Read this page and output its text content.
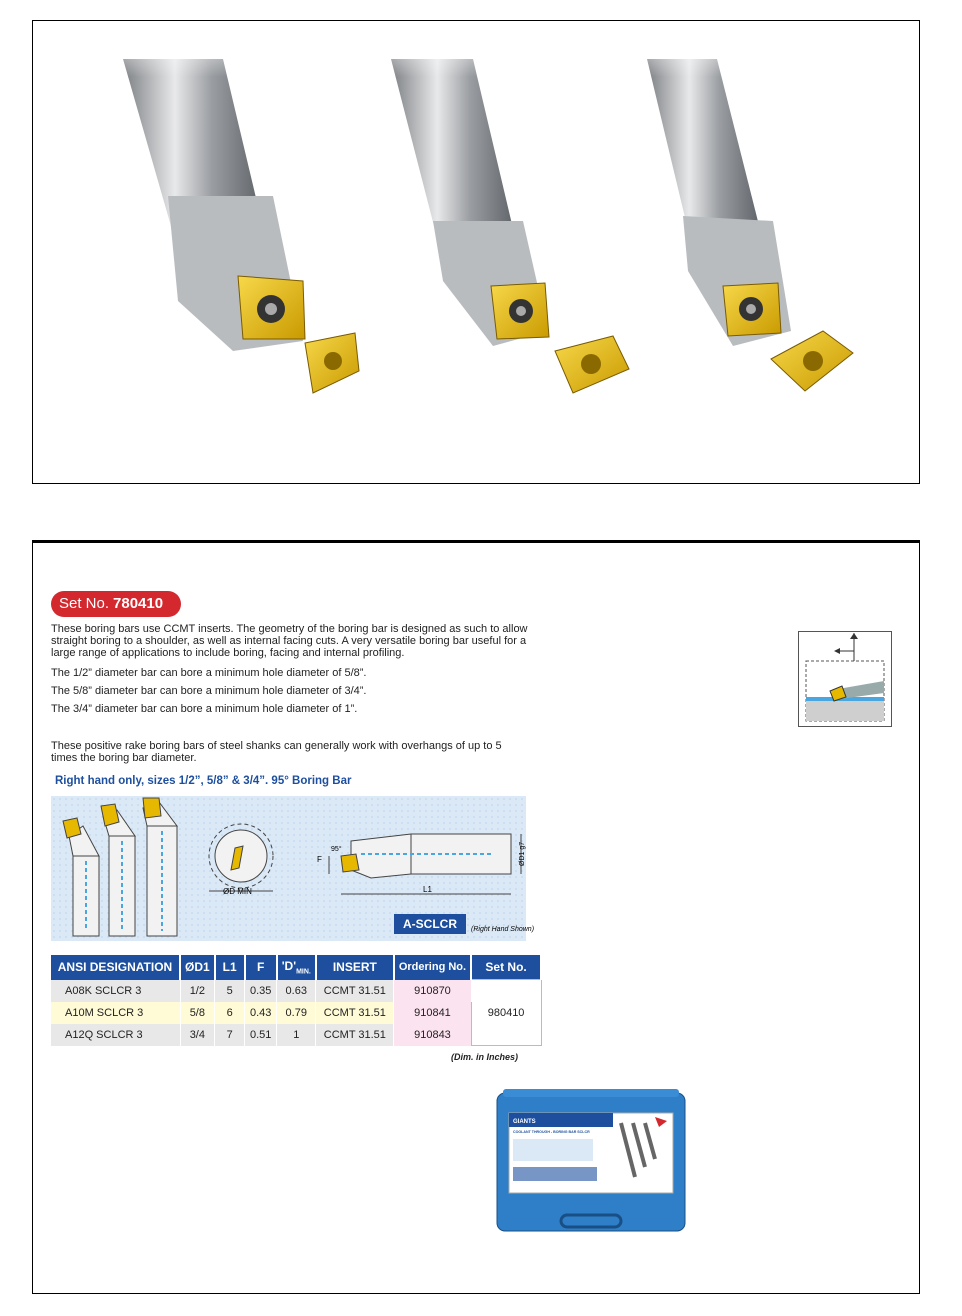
Set No. 780410
These boring bars use CCMT inserts. The geometry of the boring bar is designed as such to allow straight boring to a shoulder, as well as internal facing cuts. A very versatile boring bar useful for a large range of applications to include boring, facing and internal profiling.
The 1/2” diameter bar can bore a minimum hole diameter of 5/8”.
The 5/8” diameter bar can bore a minimum hole diameter of 3/4”.
The 3/4” diameter bar can bore a minimum hole diameter of 1”.
These positive rake boring bars of steel shanks can generally work with overhangs of up to 5 times the boring bar diameter.
Right hand only, sizes 1/2”, 5/8” & 3/4”. 95° Boring Bar
ØD MIN	L1
F
95°	ØD1 g7
A-SCLCR (Right Hand Shown)
ANSI DESIGNATION	ØD1	L1	F	'$D'_{MIN.}$	INSERT	Ordering No.	Set No.
A08K SCLCR 3	1/2	5	0.35	0.63	CCMT 31.51	910870	980410
A10M SCLCR 3	5/8	6	0.43	0.79	CCMT 31.51	910841	
A12Q SCLCR 3	3/4	7	0.51	1	CCMT 31.51	910843	
(Dim. in Inches)
GIANTS
COOLANT THROUGH - BORING BAR SCLCR
